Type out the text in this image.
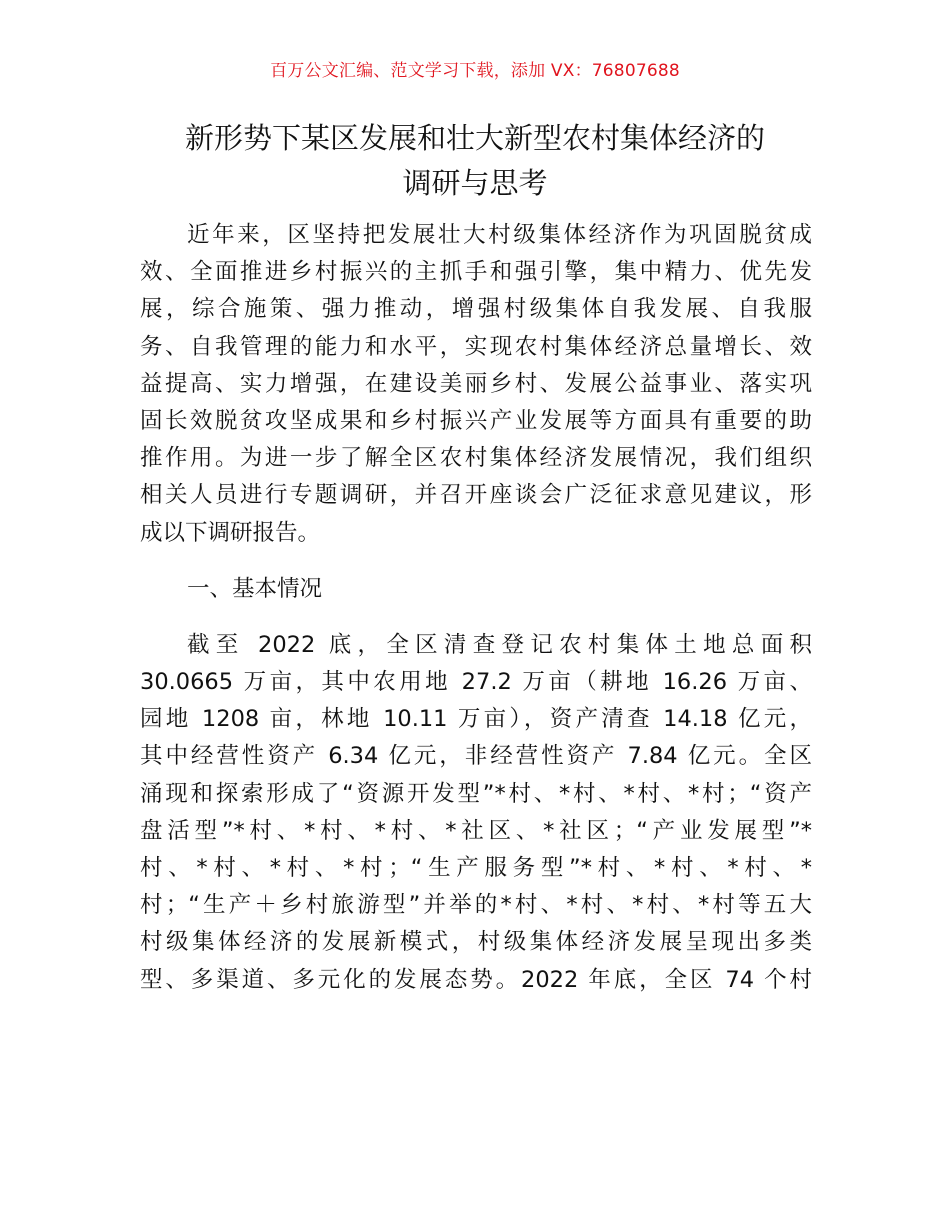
百万公文汇编、范文学习下载，添加 VX：76807688
新形势下某区发展和壮大新型农村集体经济的
调研与思考
近年来，区坚持把发展壮大村级集体经济作为巩固脱贫成
效、全面推进乡村振兴的主抓手和强引擎，集中精力、优先发
展，综合施策、强力推动，增强村级集体自我发展、自我服
务、自我管理的能力和水平，实现农村集体经济总量增长、效
益提高、实力增强，在建设美丽乡村、发展公益事业、落实巩
固长效脱贫攻坚成果和乡村振兴产业发展等方面具有重要的助
推作用。为进一步了解全区农村集体经济发展情况，我们组织
相关人员进行专题调研，并召开座谈会广泛征求意见建议，形
成以下调研报告。
一、基本情况
截至 2022 底，全区清查登记农村集体土地总面积
30.0665 万亩，其中农用地 27.2 万亩（耕地 16.26 万亩、
园地 1208 亩，林地 10.11 万亩），资产清查 14.18 亿元，
其中经营性资产 6.34 亿元，非经营性资产 7.84 亿元。全区
涌现和探索形成了“资源开发型”*村、*村、*村、*村；“资产
盘活型”*村、*村、*村、*社区、*社区；“产业发展型”*
村、*村、*村、*村；“生产服务型”*村、*村、*村、*
村；“生产＋乡村旅游型”并举的*村、*村、*村、*村等五大
村级集体经济的发展新模式，村级集体经济发展呈现出多类
型、多渠道、多元化的发展态势。2022 年底，全区 74 个村
